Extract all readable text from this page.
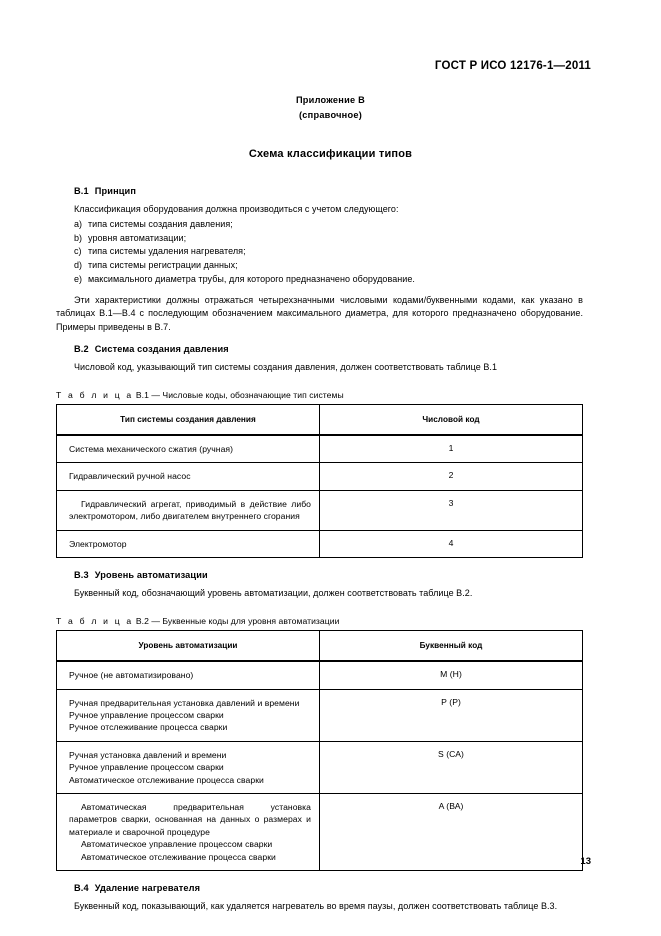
ГОСТ Р ИСО 12176-1—2011
Приложение В
(справочное)
Схема классификации типов
В.1 Принцип

Классификация оборудования должна производиться с учетом следующего:

a) типа системы создания давления;
b) уровня автоматизации;
c) типа системы удаления нагревателя;
d) типа системы регистрации данных;
e) максимального диаметра трубы, для которого предназначено оборудование.

Эти характеристики должны отражаться четырехзначными числовыми кодами/буквенными кодами, как указано в таблицах В.1—В.4 с последующим обозначением максимального диаметра, для которого предназначено оборудование. Примеры приведены в В.7.

В.2 Система создания давления

Числовой код, указывающий тип системы создания давления, должен соответствовать таблице В.1

Т а б л и ц а В.1 — Числовые коды, обозначающие тип системы
Тип системы создания давления	Числовой код
Система механического сжатия (ручная)	1
Гидравлический ручной насос	2
Гидравлический агрегат, приводимый в действие либо электромотором, либо двигателем внутреннего сгорания	3
Электромотор	4
В.3 Уровень автоматизации

Буквенный код, обозначающий уровень автоматизации, должен соответствовать таблице В.2.

Т а б л и ц а В.2 — Буквенные коды для уровня автоматизации
Уровень автоматизации	Буквенный код

Ручное (не автоматизировано)	M (Н)

Ручная предварительная установка давлений и времени
Ручное управление процессом сварки
Ручное отслеживание процесса сварки	Р (Р)

Ручная установка давлений и времени
Ручное управление процессом сварки
Автоматическое отслеживание процесса сварки	S (СА)

Автоматическая предварительная установка параметров сварки, основанная на данных о размерах и материале и сварочной процедуре
Автоматическое управление процессом сварки
Автоматическое отслеживание процесса сварки	A (ВА)
В.4 Удаление нагревателя

Буквенный код, показывающий, как удаляется нагреватель во время паузы, должен соответствовать таблице В.3.

13
